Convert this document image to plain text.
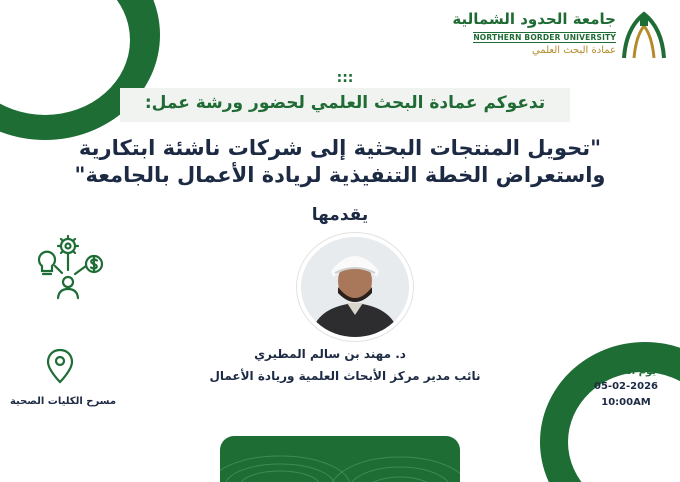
جامعة الحدود الشمالية
NORTHERN BORDER UNIVERSITY
عمادة البحث العلمي
:::
تدعوكم عمادة البحث العلمي لحضور ورشة عمل:
"تحويل المنتجات البحثية إلى شركات ناشئة ابتكارية
واستعراض الخطة التنفيذية لريادة الأعمال بالجامعة"
يقدمها
د. مهند بن سالم المطيري
نائب مدير مركز الأبحاث العلمية وريادة الأعمال
مسرح الكليات الصحية
يوم الخميس
05-02-2026
10:00AM
